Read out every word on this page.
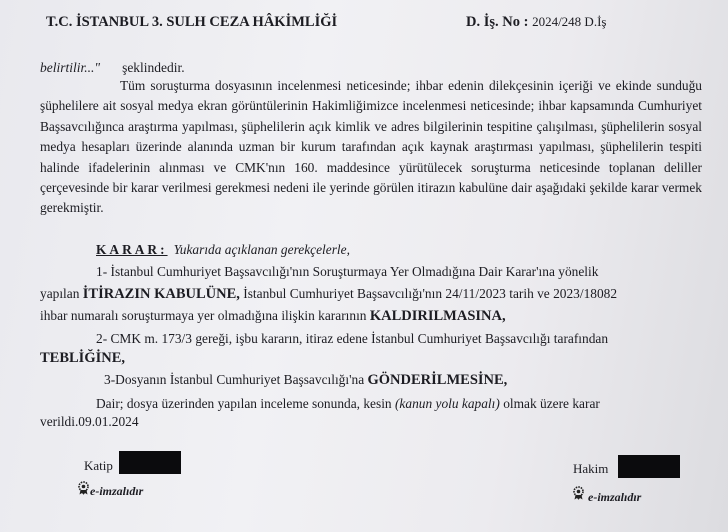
T.C. İSTANBUL 3. SULH CEZA HÂKİMLİĞİ	D. İş. No : 2024/248 D.İş
belirtilir..." şeklindedir.

Tüm soruşturma dosyasının incelenmesi neticesinde; ihbar edenin dilekçesinin içeriği ve ekinde sunduğu şüphelilere ait sosyal medya ekran görüntülerinin Hakimliğimizce incelenmesi neticesinde; ihbar kapsamında Cumhuriyet Başsavcılığınca araştırma yapılması, şüphelilerin açık kimlik ve adres bilgilerinin tespitine çalışılması, şüphelilerin sosyal medya hesapları üzerinde alanında uzman bir kurum tarafından açık kaynak araştırması yapılması, şüphelilerin tespiti halinde ifadelerinin alınması ve CMK'nın 160. maddesince yürütülecek soruşturma neticesinde toplanan deliller çerçevesinde bir karar verilmesi gerekmesi nedeni ile yerinde görülen itirazın kabulüne dair aşağıdaki şekilde karar vermek gerekmiştir.

KARAR: Yukarıda açıklanan gerekçelerle,
1- İstanbul Cumhuriyet Başsavcılığı'nın Soruşturmaya Yer Olmadığına Dair Karar'ına yönelik
yapılan İTİRAZIN KABULÜNE, İstanbul Cumhuriyet Başsavcılığı'nın 24/11/2023 tarih ve 2023/18082
ihbar numaralı soruşturmaya yer olmadığına ilişkin kararının KALDIRILMASINA,
2- CMK m. 173/3 gereği, işbu kararın, itiraz edene İstanbul Cumhuriyet Başsavcılığı tarafından
TEBLİĞİNE,
3-Dosyanın İstanbul Cumhuriyet Başsavcılığı'na GÖNDERİLMESİNE,
Dair; dosya üzerinden yapılan inceleme sonunda, kesin (kanun yolu kapalı) olmak üzere karar
verildi.09.01.2024
Katip
e-imzalıdır
Hakim
e-imzalıdır
